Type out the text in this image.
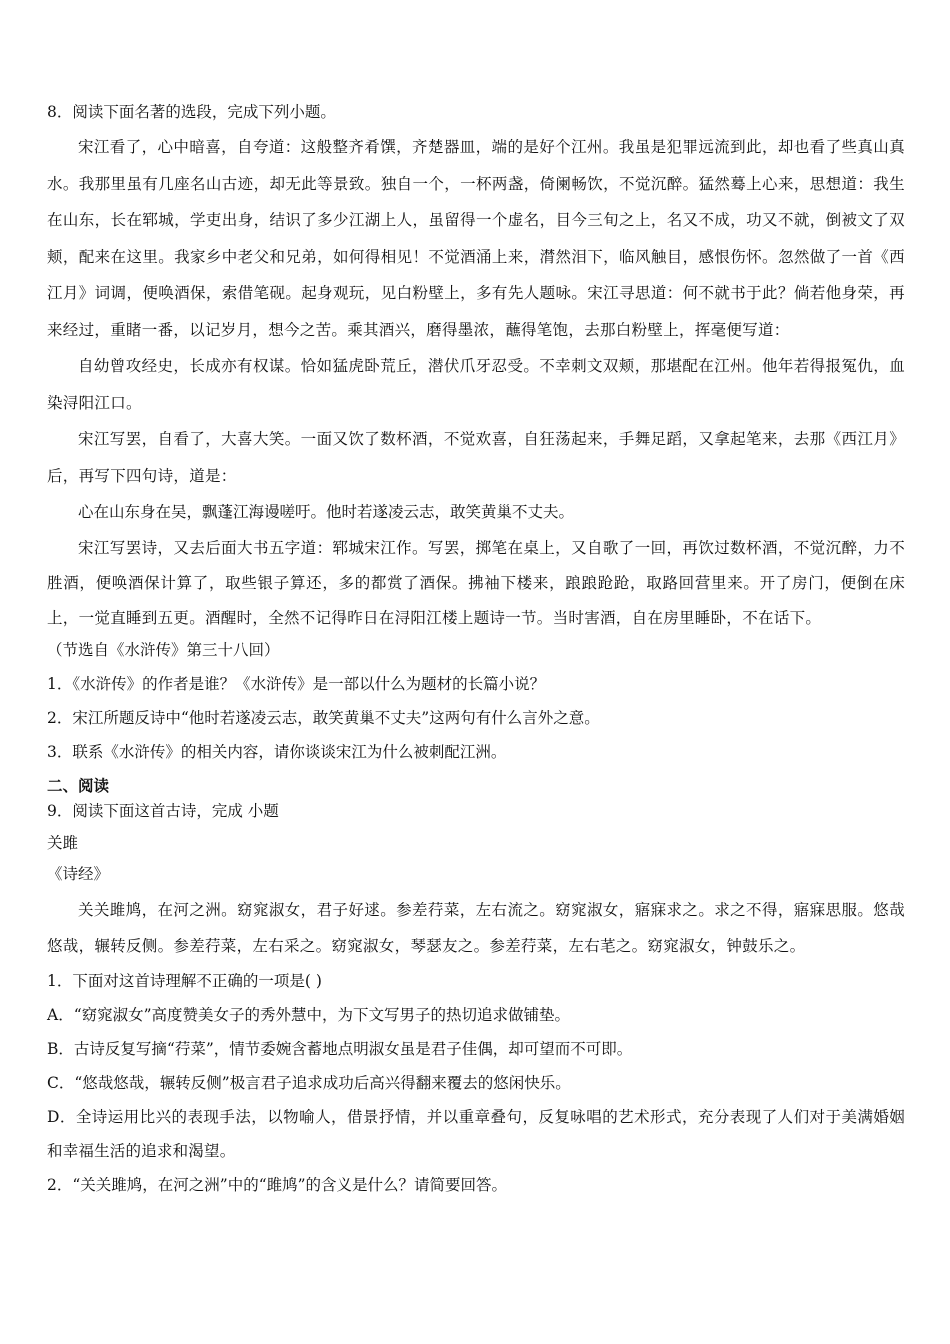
8．阅读下面名著的选段，完成下列小题。

宋江看了，心中暗喜，自夸道：这般整齐肴馔，齐楚器皿，端的是好个江州。我虽是犯罪远流到此，却也看了些真山真水。我那里虽有几座名山古迹，却无此等景致。独自一个，一杯两盏，倚阑畅饮，不觉沉醉。猛然蓦上心来，思想道：我生在山东，长在郓城，学吏出身，结识了多少江湖上人，虽留得一个虚名，目今三旬之上，名又不成，功又不就，倒被文了双颊，配来在这里。我家乡中老父和兄弟，如何得相见！不觉酒涌上来，潸然泪下，临风触目，感恨伤怀。忽然做了一首《西江月》词调，便唤酒保，索借笔砚。起身观玩，见白粉壁上，多有先人题咏。宋江寻思道：何不就书于此？倘若他身荣，再来经过，重睹一番，以记岁月，想今之苦。乘其酒兴，磨得墨浓，蘸得笔饱，去那白粉壁上，挥毫便写道：

自幼曾攻经史，长成亦有权谋。恰如猛虎卧荒丘，潜伏爪牙忍受。不幸刺文双颊，那堪配在江州。他年若得报冤仇，血染浔阳江口。

宋江写罢，自看了，大喜大笑。一面又饮了数杯酒，不觉欢喜，自狂荡起来，手舞足蹈，又拿起笔来，去那《西江月》后，再写下四句诗，道是：

心在山东身在吴，飘蓬江海谩嗟吁。他时若遂凌云志，敢笑黄巢不丈夫。

宋江写罢诗，又去后面大书五字道：郓城宋江作。写罢，掷笔在桌上，又自歌了一回，再饮过数杯酒，不觉沉醉，力不胜酒，便唤酒保计算了，取些银子算还，多的都赏了酒保。拂袖下楼来，踉踉跄跄，取路回营里来。开了房门，便倒在床上，一觉直睡到五更。酒醒时，全然不记得昨日在浔阳江楼上题诗一节。当时害酒，自在房里睡卧，不在话下。

（节选自《水浒传》第三十八回）
1．《水浒传》的作者是谁？《水浒传》是一部以什么为题材的长篇小说？
2．宋江所题反诗中“他时若遂凌云志，敢笑黄巢不丈夫”这两句有什么言外之意。
3．联系《水浒传》的相关内容，请你谈谈宋江为什么被刺配江洲。
二、阅读
9．阅读下面这首古诗，完成 小题
关雎
《诗经》

关关雎鸠，在河之洲。窈窕淑女，君子好逑。参差荇菜，左右流之。窈窕淑女，寤寐求之。求之不得，寤寐思服。悠哉悠哉，辗转反侧。参差荇菜，左右采之。窈窕淑女，琴瑟友之。参差荇菜，左右芼之。窈窕淑女，钟鼓乐之。

1．下面对这首诗理解不正确的一项是( )
A．“窈窕淑女”高度赞美女子的秀外慧中，为下文写男子的热切追求做铺垫。
B．古诗反复写摘“荇菜”，情节委婉含蓄地点明淑女虽是君子佳偶，却可望而不可即。
C．“悠哉悠哉，辗转反侧”极言君子追求成功后高兴得翻来覆去的悠闲快乐。
D．全诗运用比兴的表现手法，以物喻人，借景抒情，并以重章叠句，反复咏唱的艺术形式，充分表现了人们对于美满婚姻和幸福生活的追求和渴望。
2．“关关雎鸠，在河之洲”中的“雎鸠”的含义是什么？请简要回答。
